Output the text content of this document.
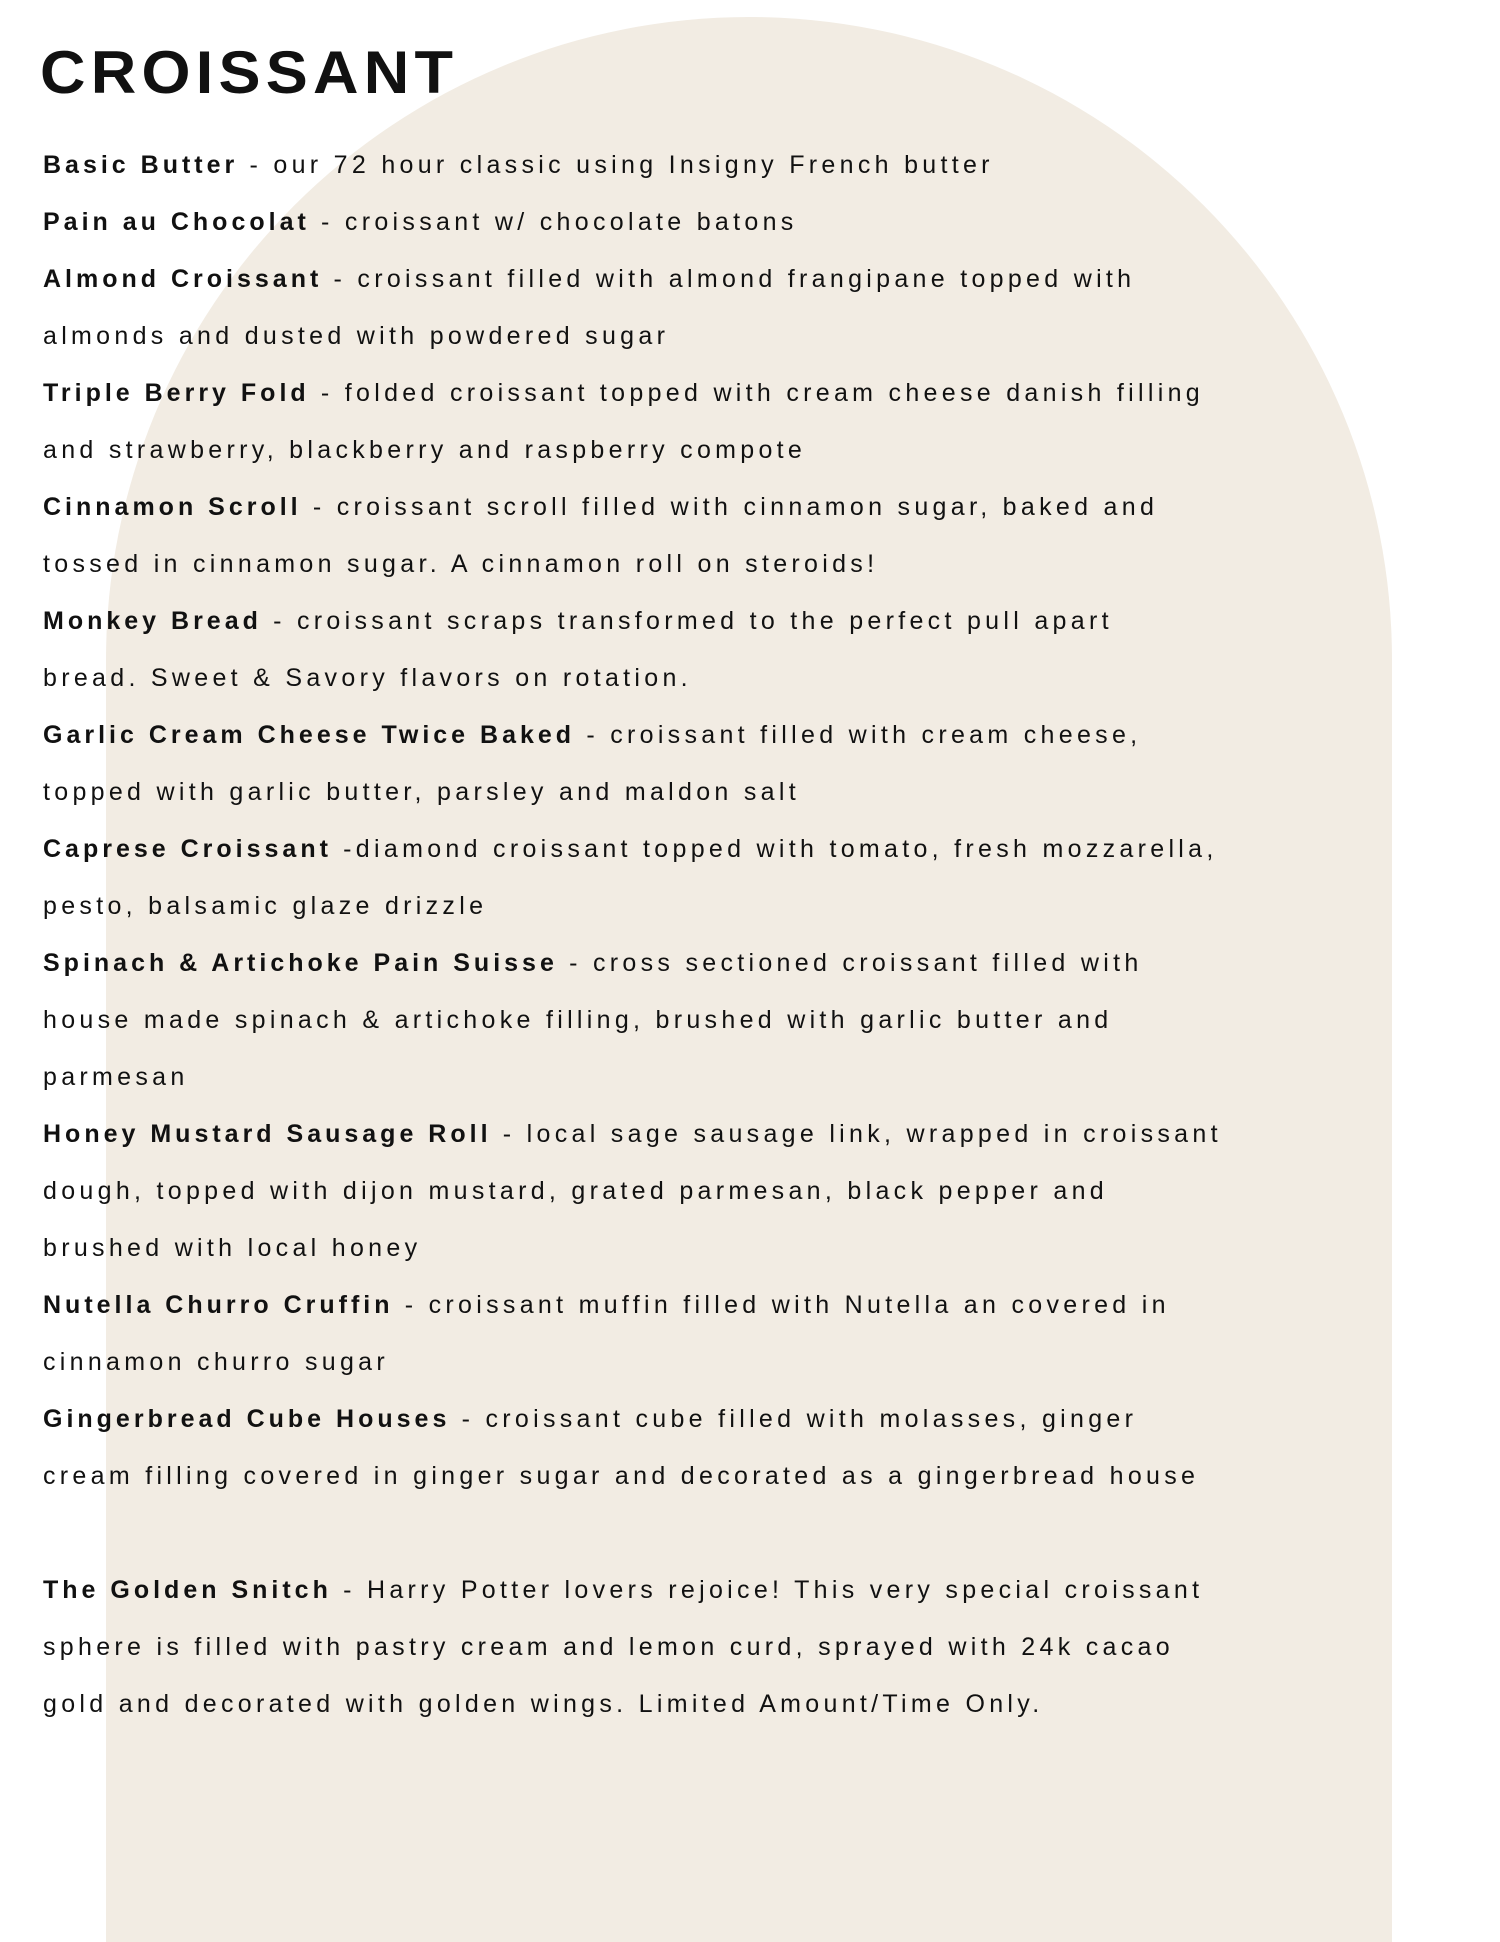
CROISSANT
Basic Butter - our 72 hour classic using Insigny French butter
Pain au Chocolat - croissant w/ chocolate batons
Almond Croissant - croissant filled with almond frangipane topped with
almonds and dusted with powdered sugar
Triple Berry Fold - folded croissant topped with cream cheese danish filling
and strawberry, blackberry and raspberry compote
Cinnamon Scroll - croissant scroll filled with cinnamon sugar, baked and
tossed in cinnamon sugar. A cinnamon roll on steroids!
Monkey Bread - croissant scraps transformed to the perfect pull apart
bread. Sweet & Savory flavors on rotation.
Garlic Cream Cheese Twice Baked - croissant filled with cream cheese,
topped with garlic butter, parsley and maldon salt
Caprese Croissant -diamond croissant topped with tomato, fresh mozzarella,
pesto, balsamic glaze drizzle
Spinach & Artichoke Pain Suisse - cross sectioned croissant filled with
house made spinach & artichoke filling, brushed with garlic butter and
parmesan
Honey Mustard Sausage Roll - local sage sausage link, wrapped in croissant
dough, topped with dijon mustard, grated parmesan, black pepper and
brushed with local honey
Nutella Churro Cruffin - croissant muffin filled with Nutella an covered in
cinnamon churro sugar
Gingerbread Cube Houses - croissant cube filled with molasses, ginger
cream filling covered in ginger sugar and decorated as a gingerbread house
The Golden Snitch - Harry Potter lovers rejoice! This very special croissant
sphere is filled with pastry cream and lemon curd, sprayed with 24k cacao
gold and decorated with golden wings. Limited Amount/Time Only.
